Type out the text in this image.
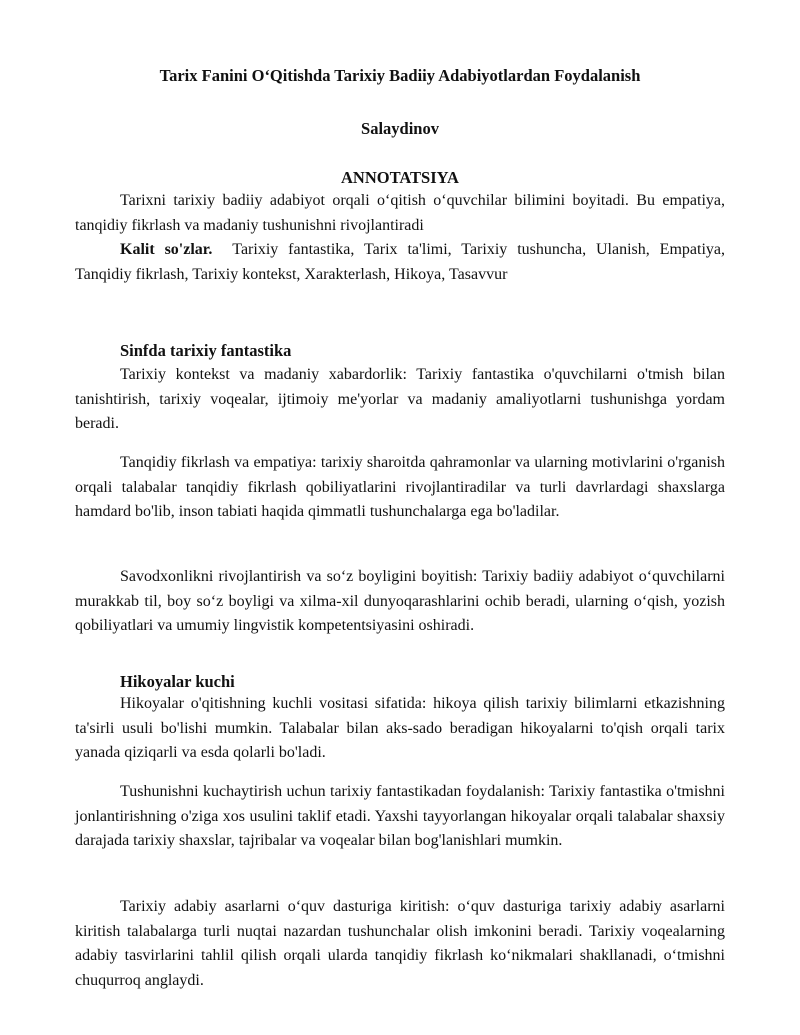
Tarix Fanini O‘Qitishda Tarixiy Badiiy Adabiyotlardan Foydalanish
Salaydinov
ANNOTATSIYA

Tarixni tarixiy badiiy adabiyot orqali o‘qitish o‘quvchilar bilimini boyitadi. Bu empatiya, tanqidiy fikrlash va madaniy tushunishni rivojlantiradi

Kalit so'zlar. Tarixiy fantastika, Tarix ta'limi, Tarixiy tushuncha, Ulanish, Empatiya, Tanqidiy fikrlash, Tarixiy kontekst, Xarakterlash, Hikoya, Tasavvur

Sinfda tarixiy fantastika

Tarixiy kontekst va madaniy xabardorlik: Tarixiy fantastika o'quvchilarni o'tmish bilan tanishtirish, tarixiy voqealar, ijtimoiy me'yorlar va madaniy amaliyotlarni tushunishga yordam beradi.

Tanqidiy fikrlash va empatiya: tarixiy sharoitda qahramonlar va ularning motivlarini o'rganish orqali talabalar tanqidiy fikrlash qobiliyatlarini rivojlantiradilar va turli davrlardagi shaxslarga hamdard bo'lib, inson tabiati haqida qimmatli tushunchalarga ega bo'ladilar.

Savodxonlikni rivojlantirish va so‘z boyligini boyitish: Tarixiy badiiy adabiyot o‘quvchilarni murakkab til, boy so‘z boyligi va xilma-xil dunyoqarashlarini ochib beradi, ularning o‘qish, yozish qobiliyatlari va umumiy lingvistik kompetentsiyasini oshiradi.

Hikoyalar kuchi

Hikoyalar o'qitishning kuchli vositasi sifatida: hikoya qilish tarixiy bilimlarni etkazishning ta'sirli usuli bo'lishi mumkin. Talabalar bilan aks-sado beradigan hikoyalarni to'qish orqali tarix yanada qiziqarli va esda qolarli bo'ladi.

Tushunishni kuchaytirish uchun tarixiy fantastikadan foydalanish: Tarixiy fantastika o'tmishni jonlantirishning o'ziga xos usulini taklif etadi. Yaxshi tayyorlangan hikoyalar orqali talabalar shaxsiy darajada tarixiy shaxslar, tajribalar va voqealar bilan bog'lanishlari mumkin.

Tarixiy adabiy asarlarni o‘quv dasturiga kiritish: o‘quv dasturiga tarixiy adabiy asarlarni kiritish talabalarga turli nuqtai nazardan tushunchalar olish imkonini beradi. Tarixiy voqealarning adabiy tasvirlarini tahlil qilish orqali ularda tanqidiy fikrlash ko‘nikmalari shakllanadi, o‘tmishni chuqurroq anglaydi.
